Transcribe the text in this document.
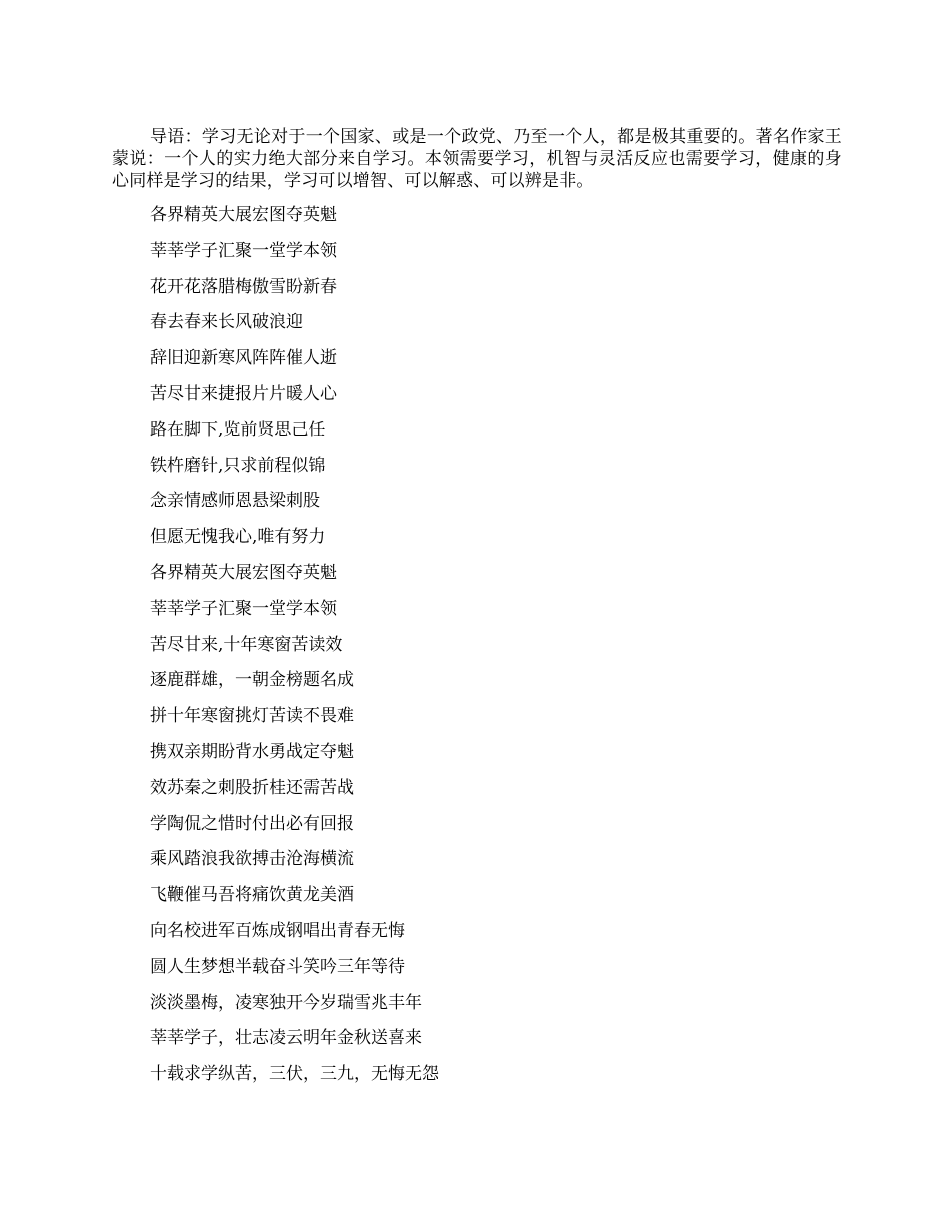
导语：学习无论对于一个国家、或是一个政党、乃至一个人，都是极其重要的。著名作家王蒙说：一个人的实力绝大部分来自学习。本领需要学习，机智与灵活反应也需要学习，健康的身心同样是学习的结果，学习可以增智、可以解惑、可以辨是非。

各界精英大展宏图夺英魁
莘莘学子汇聚一堂学本领
花开花落腊梅傲雪盼新春
春去春来长风破浪迎
辞旧迎新寒风阵阵催人逝
苦尽甘来捷报片片暖人心
路在脚下,览前贤思己任
铁杵磨针,只求前程似锦
念亲情感师恩悬梁刺股
但愿无愧我心,唯有努力
各界精英大展宏图夺英魁
莘莘学子汇聚一堂学本领
苦尽甘来,十年寒窗苦读效
逐鹿群雄，一朝金榜题名成
拼十年寒窗挑灯苦读不畏难
携双亲期盼背水勇战定夺魁
效苏秦之刺股折桂还需苦战
学陶侃之惜时付出必有回报
乘风踏浪我欲搏击沧海横流
飞鞭催马吾将痛饮黄龙美酒
向名校进军百炼成钢唱出青春无悔
圆人生梦想半载奋斗笑吟三年等待
淡淡墨梅，凌寒独开今岁瑞雪兆丰年
莘莘学子，壮志凌云明年金秋送喜来
十载求学纵苦，三伏，三九，无悔无怨
